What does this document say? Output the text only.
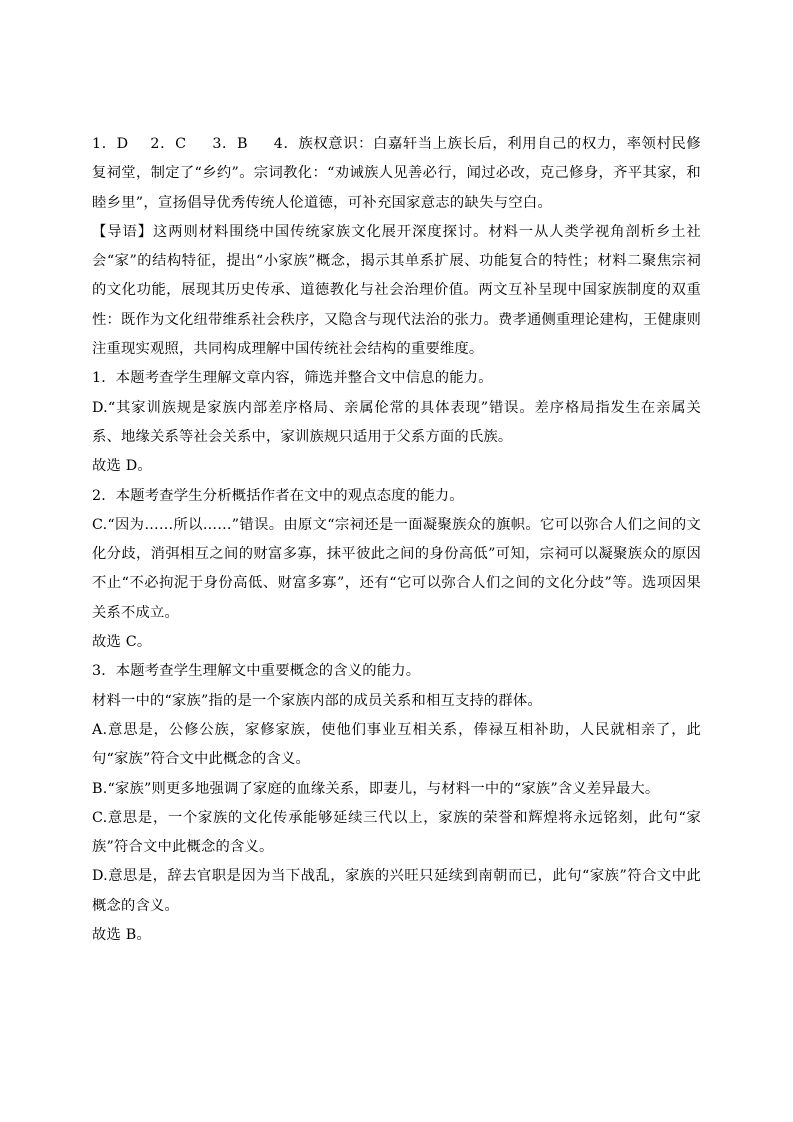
1．D 2．C 3．B 4．族权意识：白嘉轩当上族长后，利用自己的权力，率领村民修复祠堂，制定了“乡约”。宗词教化：“劝诫族人见善必行，闻过必改，克己修身，齐平其家，和睦乡里”，宣扬倡导优秀传统人伦道德，可补充国家意志的缺失与空白。

【导语】这两则材料围绕中国传统家族文化展开深度探讨。材料一从人类学视角剖析乡土社会“家”的结构特征，提出“小家族”概念，揭示其单系扩展、功能复合的特性；材料二聚焦宗祠的文化功能，展现其历史传承、道德教化与社会治理价值。两文互补呈现中国家族制度的双重性：既作为文化纽带维系社会秩序，又隐含与现代法治的张力。费孝通侧重理论建构，王健康则注重现实观照，共同构成理解中国传统社会结构的重要维度。

1．本题考查学生理解文章内容，筛选并整合文中信息的能力。

D.“其家训族规是家族内部差序格局、亲属伦常的具体表现”错误。差序格局指发生在亲属关系、地缘关系等社会关系中，家训族规只适用于父系方面的氏族。

故选 D。

2．本题考查学生分析概括作者在文中的观点态度的能力。

C.“因为……所以……”错误。由原文“宗祠还是一面凝聚族众的旗帜。它可以弥合人们之间的文化分歧，消弭相互之间的财富多寡，抹平彼此之间的身份高低”可知，宗祠可以凝聚族众的原因不止“不必拘泥于身份高低、财富多寡”，还有“它可以弥合人们之间的文化分歧”等。选项因果关系不成立。

故选 C。

3．本题考查学生理解文中重要概念的含义的能力。

材料一中的“家族”指的是一个家族内部的成员关系和相互支持的群体。

A.意思是，公修公族，家修家族，使他们事业互相关系，俸禄互相补助，人民就相亲了，此句“家族”符合文中此概念的含义。

B.“家族”则更多地强调了家庭的血缘关系，即妻儿，与材料一中的“家族”含义差异最大。

C.意思是，一个家族的文化传承能够延续三代以上，家族的荣誉和辉煌将永远铭刻，此句“家族”符合文中此概念的含义。

D.意思是，辞去官职是因为当下战乱，家族的兴旺只延续到南朝而已，此句“家族”符合文中此概念的含义。

故选 B。
